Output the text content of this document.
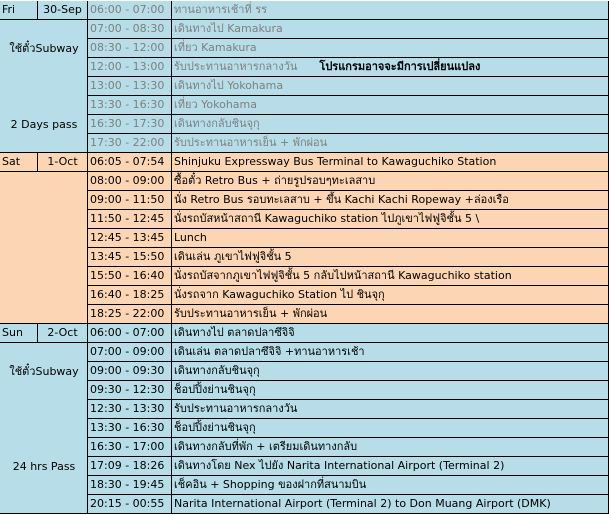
Fri	30-Sep
ใช้ตั๋วSubway
2 Days pass
06:00 - 07:00 ทานอาหารเช้าที่ รร
07:00 - 08:30 เดินทางไป Kamakura
08:30 - 12:00 เที่ยว Kamakura
12:00 - 13:00 รับประทานอาหารกลางวัน โปรแกรมอาจจะมีการเปลี่ยนแปลง
13:00 - 13:30 เดินทางไป Yokohama
13:30 - 16:30 เที่ยว Yokohama
16:30 - 17:30 เดินทางกลับชินจุกุ
17:30 - 22:00 รับประทานอาหารเย็น + พักผ่อน
Sat	1-Oct	06:05 - 07:54 Shinjuku Expressway Bus Terminal to Kawaguchiko Station
08:00 - 09:00 ซื้อตั๋ว Retro Bus + ถ่ายรูปรอบๆทะเลสาบ
09:00 - 11:50 นั่ง Retro Bus รอบทะเลสาบ + ขึ้น Kachi Kachi Ropeway +ล่องเรือ
11:50 - 12:45 นั่งรถบัสหน้าสถานี Kawaguchiko station ไปภูเขาไฟฟูจิชั้น 5 \
12:45 - 13:45 Lunch
13:45 - 15:50 เดินเล่น ภูเขาไฟฟูจิชั้น 5
15:50 - 16:40 นั่งรถบัสจากภูเขาไฟฟูจิชั้น 5 กลับไปหน้าสถานี Kawaguchiko station
16:40 - 18:25 นั่งรถจาก Kawaguchiko Station ไป ชินจุกุ
18:25 - 22:00 รับประทานอาหารเย็น + พักผ่อน
Sun	2-Oct
ใช้ตั๋วSubway
24 hrs Pass
06:00 - 07:00 เดินทางไป ตลาดปลาซึจิจิ
07:00 - 09:00 เดินเล่น ตลาดปลาซึจิจิ +ทานอาหารเช้า
09:00 - 09:30 เดินทางกลับชินจุกุ
09:30 - 12:30 ช็อปปิ้งย่านชินจุกุ
12:30 - 13:30 รับประทานอาหารกลางวัน
13:30 - 16:30 ช็อปปิ้งย่านชินจุกุ
16:30 - 17:00 เดินทางกลับที่พัก + เตรียมเดินทางกลับ
17:09 - 18:26 เดินทางโดย Nex ไปยัง Narita International Airport (Terminal 2)
18:30 - 19:45 เช็คอิน + Shopping ของฝากที่สนามบิน
20:15 - 00:55 Narita International Airport (Terminal 2) to Don Muang Airport (DMK)
